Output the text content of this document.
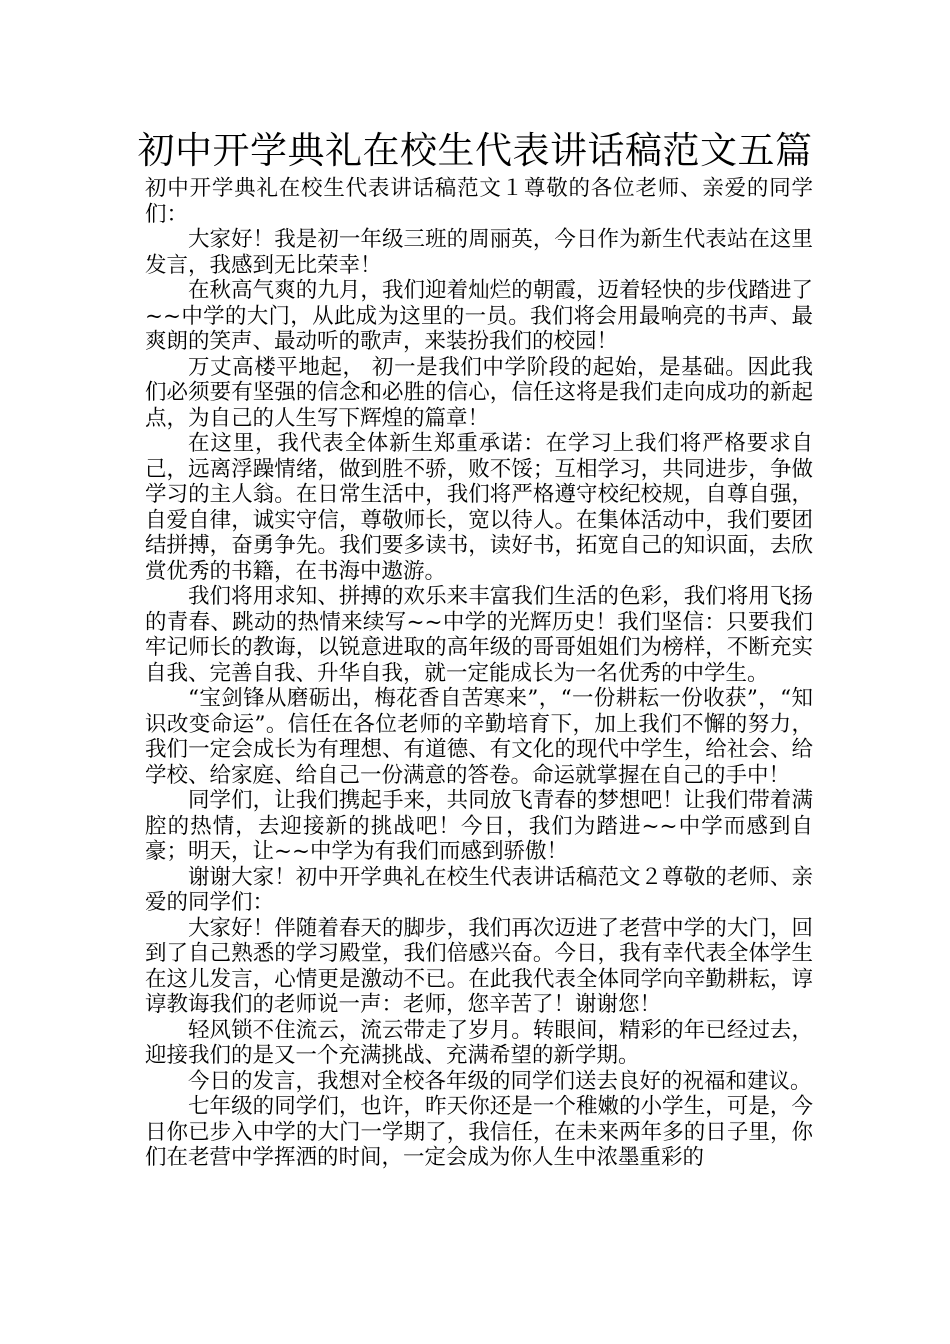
初中开学典礼在校生代表讲话稿范文五篇

初中开学典礼在校生代表讲话稿范文１尊敬的各位老师、亲爱的同学们：

大家好！我是初一年级三班的周丽英，今日作为新生代表站在这里发言，我感到无比荣幸！

在秋高气爽的九月，我们迎着灿烂的朝霞，迈着轻快的步伐踏进了~~中学的大门，从此成为这里的一员。我们将会用最响亮的书声、最爽朗的笑声、最动听的歌声，来装扮我们的校园！

万丈高楼平地起， 初一是我们中学阶段的起始，是基础。因此我们必须要有坚强的信念和必胜的信心，信任这将是我们走向成功的新起点，为自己的人生写下辉煌的篇章！

在这里，我代表全体新生郑重承诺：在学习上我们将严格要求自己，远离浮躁情绪，做到胜不骄，败不馁；互相学习，共同进步，争做学习的主人翁。在日常生活中，我们将严格遵守校纪校规，自尊自强，自爱自律，诚实守信，尊敬师长，宽以待人。在集体活动中，我们要团结拼搏，奋勇争先。我们要多读书，读好书，拓宽自己的知识面，去欣赏优秀的书籍，在书海中遨游。

我们将用求知、拼搏的欢乐来丰富我们生活的色彩，我们将用飞扬的青春、跳动的热情来续写~~中学的光辉历史！我们坚信：只要我们牢记师长的教诲，以锐意进取的高年级的哥哥姐姐们为榜样，不断充实自我、完善自我、升华自我，就一定能成长为一名优秀的中学生。

“宝剑锋从磨砺出，梅花香自苦寒来”，“一份耕耘一份收获”，“知识改变命运”。信任在各位老师的辛勤培育下，加上我们不懈的努力，我们一定会成长为有理想、有道德、有文化的现代中学生，给社会、给学校、给家庭、给自己一份满意的答卷。命运就掌握在自己的手中！

同学们，让我们携起手来，共同放飞青春的梦想吧！让我们带着满腔的热情，去迎接新的挑战吧！今日，我们为踏进~~中学而感到自豪；明天，让~~中学为有我们而感到骄傲！

谢谢大家！初中开学典礼在校生代表讲话稿范文２尊敬的老师、亲爱的同学们：

大家好！伴随着春天的脚步，我们再次迈进了老营中学的大门，回到了自己熟悉的学习殿堂，我们倍感兴奋。今日，我有幸代表全体学生在这儿发言，心情更是激动不已。在此我代表全体同学向辛勤耕耘，谆谆教诲我们的老师说一声：老师，您辛苦了！谢谢您！

轻风锁不住流云，流云带走了岁月。转眼间，精彩的年已经过去，迎接我们的是又一个充满挑战、充满希望的新学期。

今日的发言，我想对全校各年级的同学们送去良好的祝福和建议。

七年级的同学们，也许，昨天你还是一个稚嫩的小学生，可是，今日你已步入中学的大门一学期了，我信任，在未来两年多的日子里，你们在老营中学挥洒的时间，一定会成为你人生中浓墨重彩的
